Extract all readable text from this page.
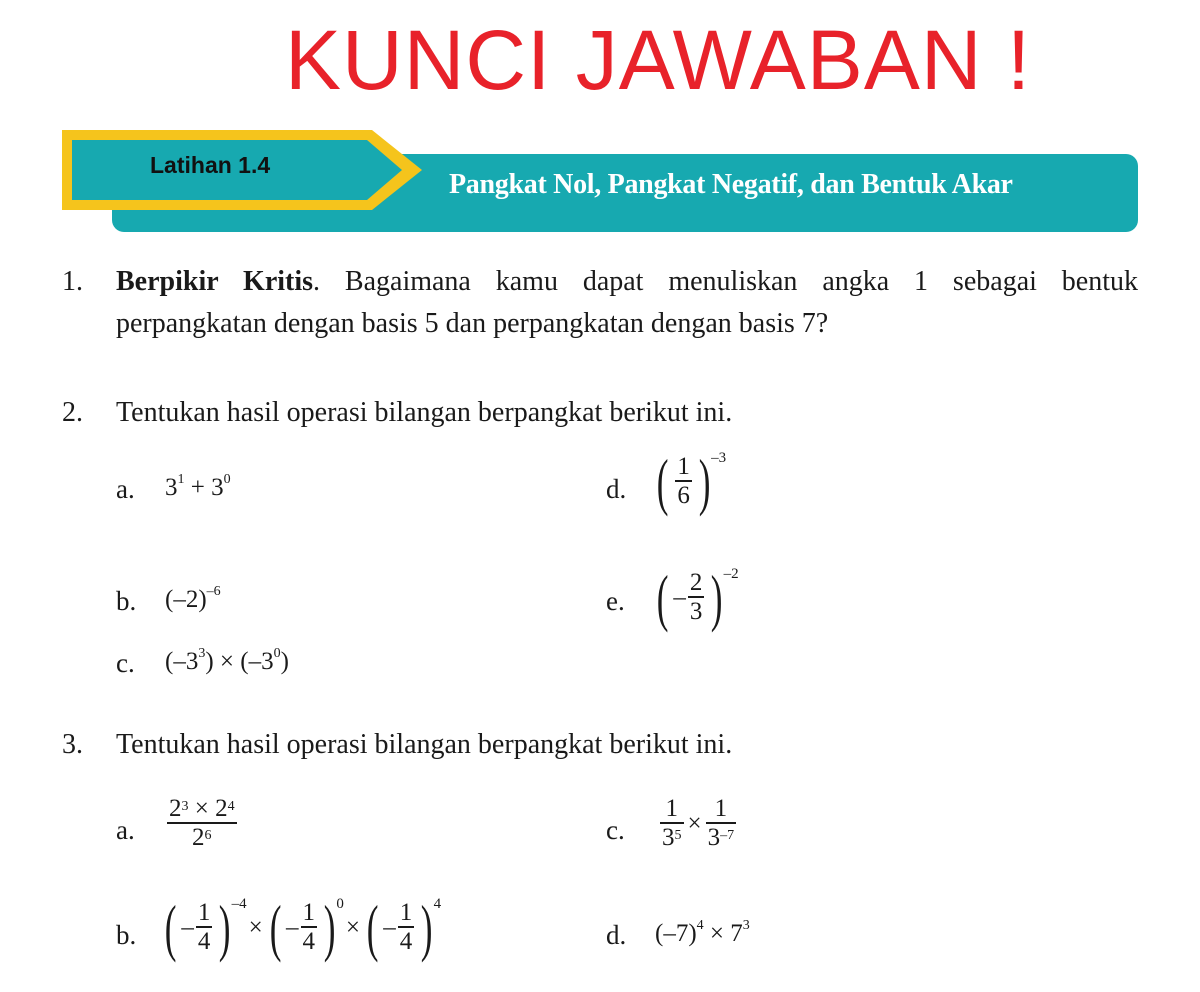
KUNCI JAWABAN !
Latihan 1.4
Pangkat Nol, Pangkat Negatif, dan Bentuk Akar
1. Berpikir Kritis. Bagaimana kamu dapat menuliskan angka 1 sebagai bentuk
perpangkatan dengan basis 5 dan perpangkatan dengan basis 7?
2. Tentukan hasil operasi bilangan berpangkat berikut ini.
a. $3^1 + 3^0$
b. $(-2)^{-6}$
c. $(-3^3) \times (-3^0)$
d. ( $\frac{1}{6}$ ) –3
e. ( – $\frac{2}{3}$ ) –2
3. Tentukan hasil operasi bilangan berpangkat berikut ini.
a. $\frac{2^3 \times 2^4}{2^6}$
b. ( – $\frac{1}{4}$ ) –4
× ( – $\frac{1}{4}$ ) 0
× ( – $\frac{1}{4}$ ) 4
c. $\frac{1}{3^5} \times \frac{1}{3^{-7}}$
d. $(-7)^4 \times 7^3$
